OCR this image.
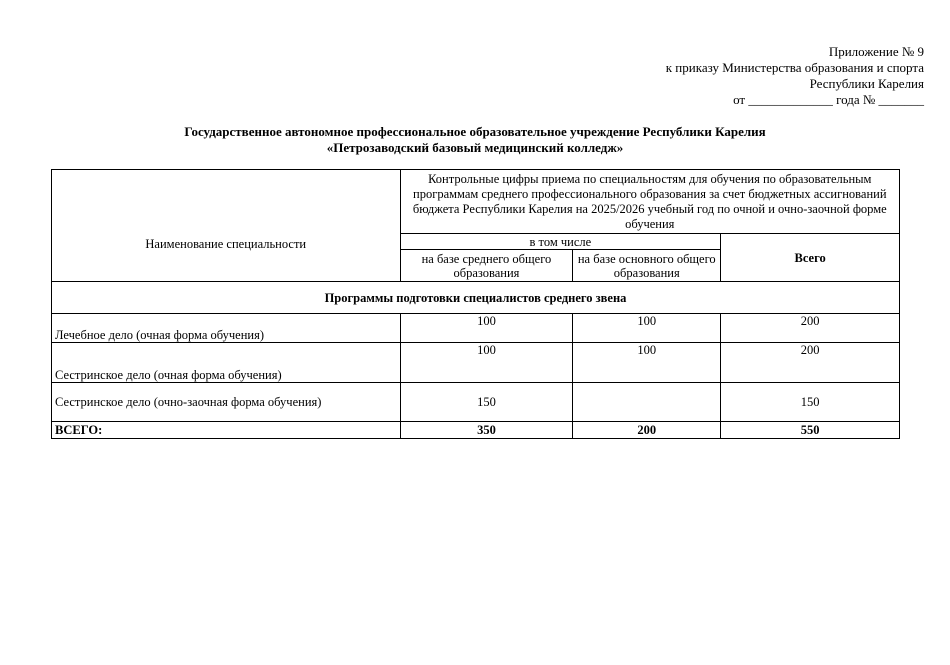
Приложение № 9
к приказу Министерства образования и спорта
Республики Карелия
от _____________ года № _______
Государственное автономное профессиональное образовательное учреждение Республики Карелия
«Петрозаводский базовый медицинский колледж»
Наименование специальности	Контрольные цифры приема по специальностям для обучения по образовательным программам среднего профессионального образования за счет бюджетных ассигнований бюджета Республики Карелия на 2025/2026 учебный год по очной и очно-заочной форме обучения		
	в том числе		Всего
	на базе среднего общего образования	на базе основного общего образования	
Программы подготовки специалистов среднего звена			
Лечебное дело (очная форма обучения)	100	100	200
Сестринское дело (очная форма обучения)	100	100	200
Сестринское дело (очно-заочная форма обучения)	150		150
ВСЕГО:	350	200	550
